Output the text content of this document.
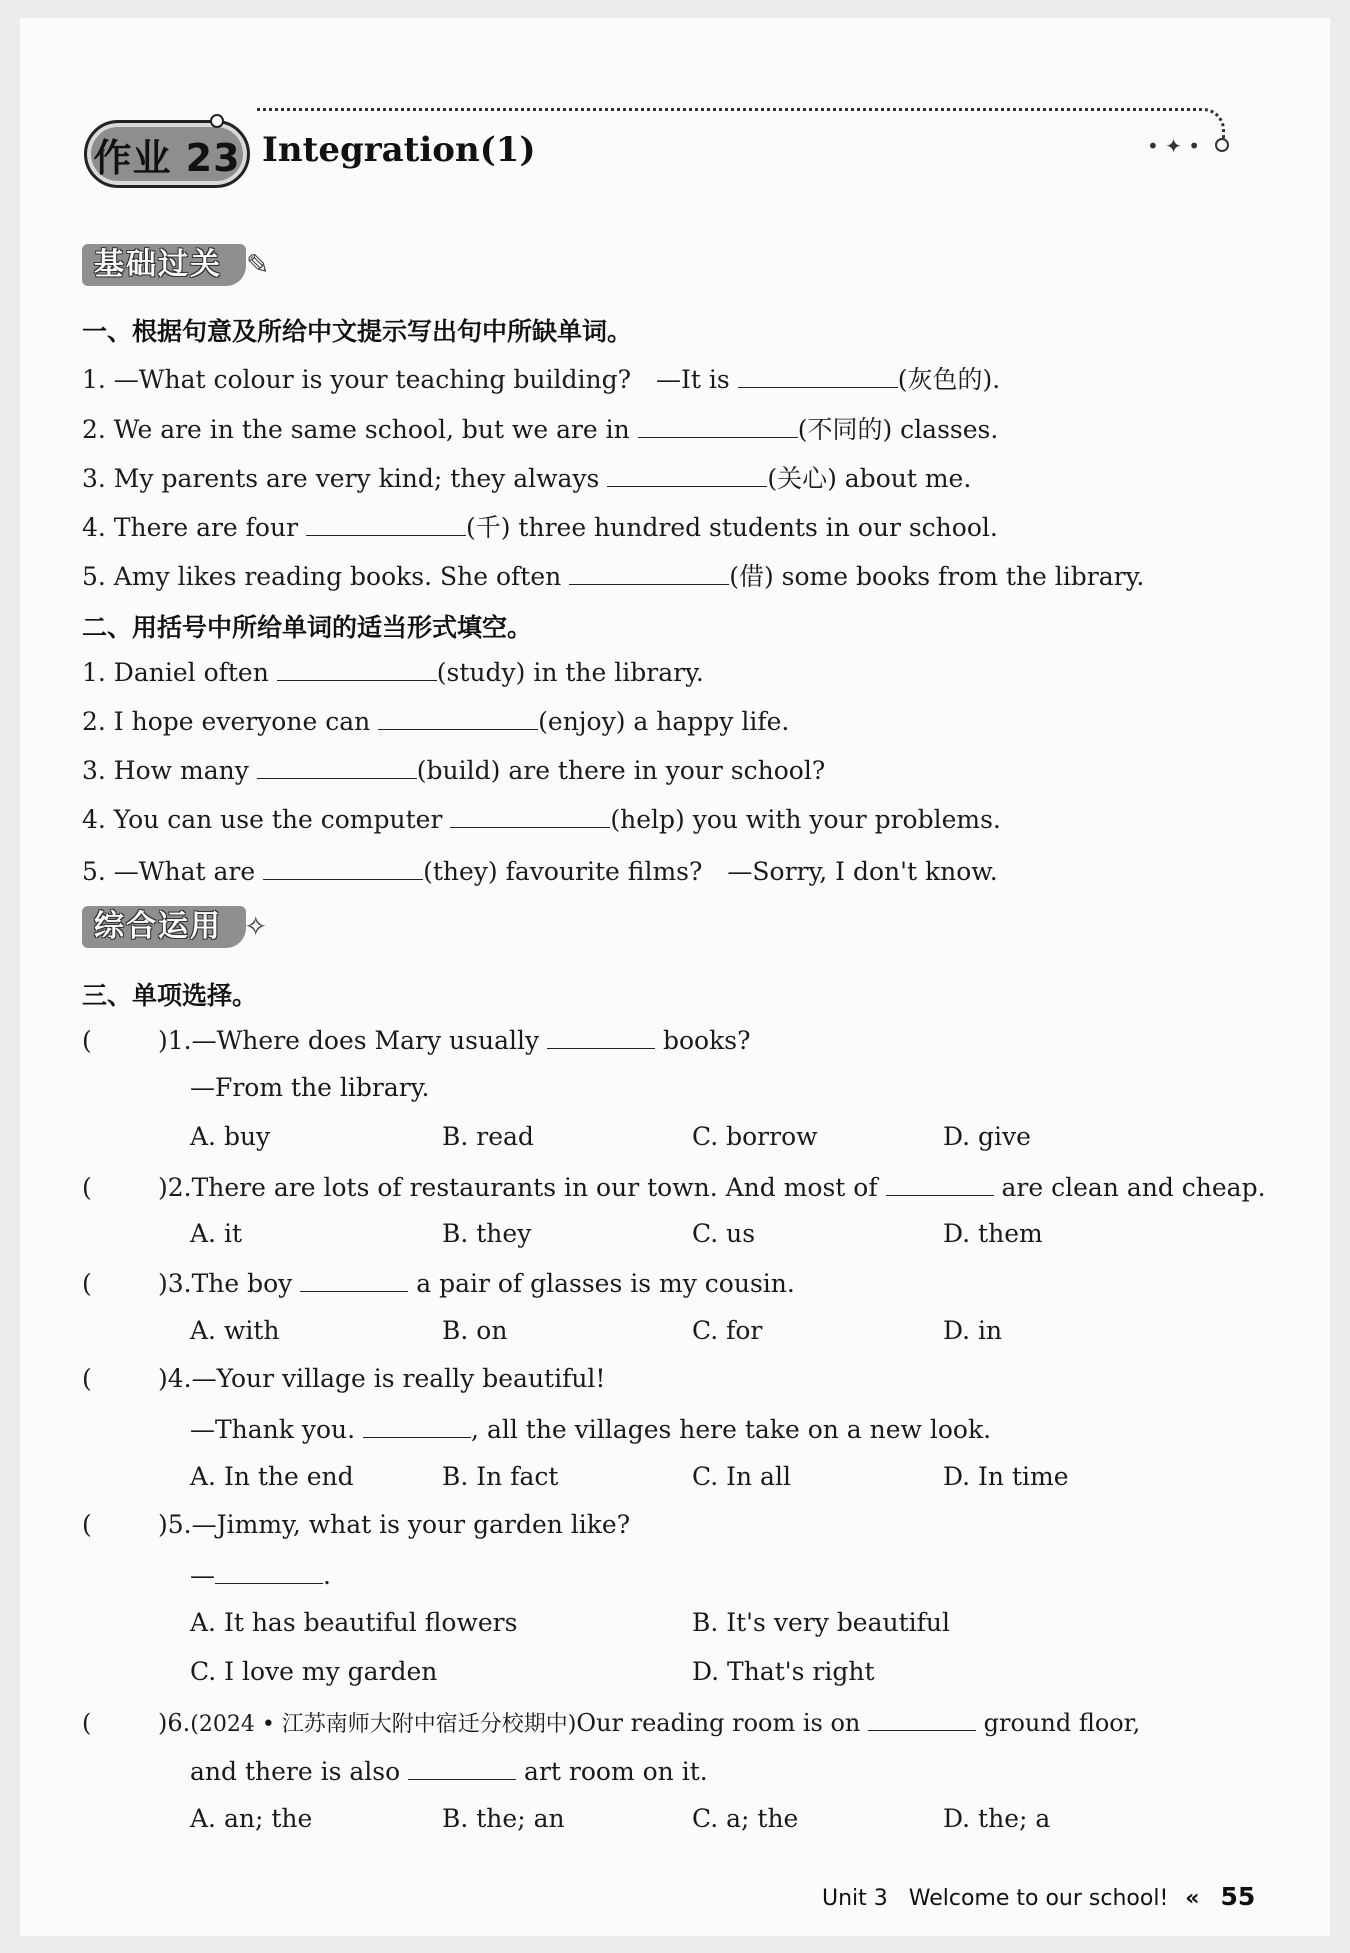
作业 23 Integration(1)	• ✦ •
基础过关 ✎
一、根据句意及所给中文提示写出句中所缺单词。
1. —What colour is your teaching building?　—It is	(灰色的).
2. We are in the same school, but we are in	(不同的) classes.
3. My parents are very kind; they always	(关心) about me.
4. There are four	(千) three hundred students in our school.
5. Amy likes reading books. She often	(借) some books from the library.
二、用括号中所给单词的适当形式填空。
1. Daniel often	(study) in the library.
2. I hope everyone can	(enjoy) a happy life.
3. How many	(build) are there in your school?
4. You can use the computer	(help) you with your problems.
5. —What are	(they) favourite films?　—Sorry, I don't know.
综合运用 ✧
三、单项选择。
(	)1.—Where does Mary usually	books?
—From the library.
A. buy	B. read	C. borrow	D. give
(	)2.There are lots of restaurants in our town. And most of	are clean and cheap.
A. it	B. they	C. us	D. them
(	)3.The boy	a pair of glasses is my cousin.
A. with	B. on	C. for	D. in
(	)4.—Your village is really beautiful!
—Thank you.	, all the villages here take on a new look.
A. In the end	B. In fact	C. In all	D. In time
(	)5.—Jimmy, what is your garden like?
—	.
A. It has beautiful flowers	B. It's very beautiful
C. I love my garden	D. That's right
(	)6.(2024 • 江苏南师大附中宿迁分校期中)Our reading room is on	ground floor,
and there is also	art room on it.
A. an; the	B. the; an	C. a; the	D. the; a
Unit 3 Welcome to our school! « 55
